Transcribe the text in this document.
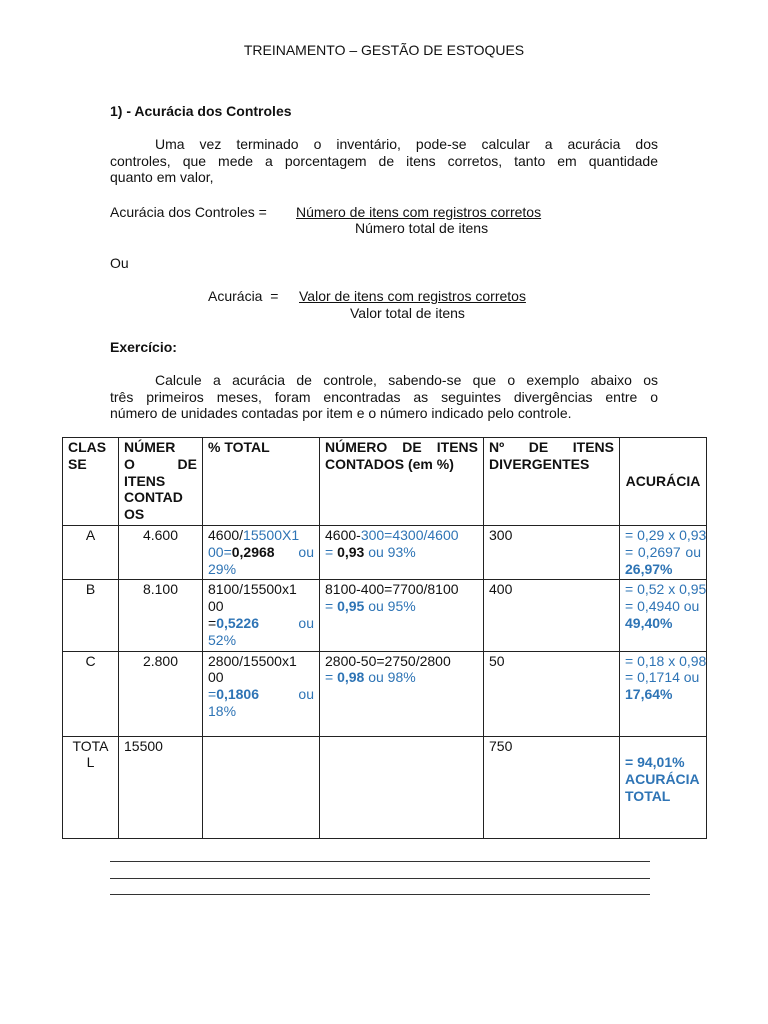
TREINAMENTO – GESTÃO DE ESTOQUES
1) - Acurácia dos Controles
Uma vez terminado o inventário, pode-se calcular a acurácia dos
controles, que mede a porcentagem de itens corretos, tanto em quantidade
quanto em valor,
Acurácia dos Controles = Número de itens com registros corretos
Número total de itens
Ou
Acurácia = Valor de itens com registros corretos
Valor total de itens
Exercício:
Calcule a acurácia de controle, sabendo-se que o exemplo abaixo os
três primeiros meses, foram encontradas as seguintes divergências entre o
número de unidades contadas por item e o número indicado pelo controle.
CLAS
SE	NÚMER
O DE
ITENS
CONTAD
OS	% TOTAL	NÚMERO DE ITENS
CONTADOS (em %)	Nº DE ITENS
DIVERGENTES	ACURÁCIA
A	4.600	4600/15500X1
00=0,2968 ou
29%	4600-300=4300/4600
= 0,93 ou 93%	300	= 0,29 x 0,93
= 0,2697 ou
26,97%

B	8.100	8100/15500x1
00
=0,5226 ou
52%	8100-400=7700/8100
= 0,95 ou 95%	400	= 0,52 x 0,95
= 0,4940 ou
49,40%

C	2.800	2800/15500x1
00
=0,1806 ou
18%	2800-50=2750/2800
= 0,98 ou 98%	50	= 0,18 x 0,98
= 0,1714 ou
17,64%

TOTA
L	15500			750	= 94,01%
ACURÁCIA
TOTAL
